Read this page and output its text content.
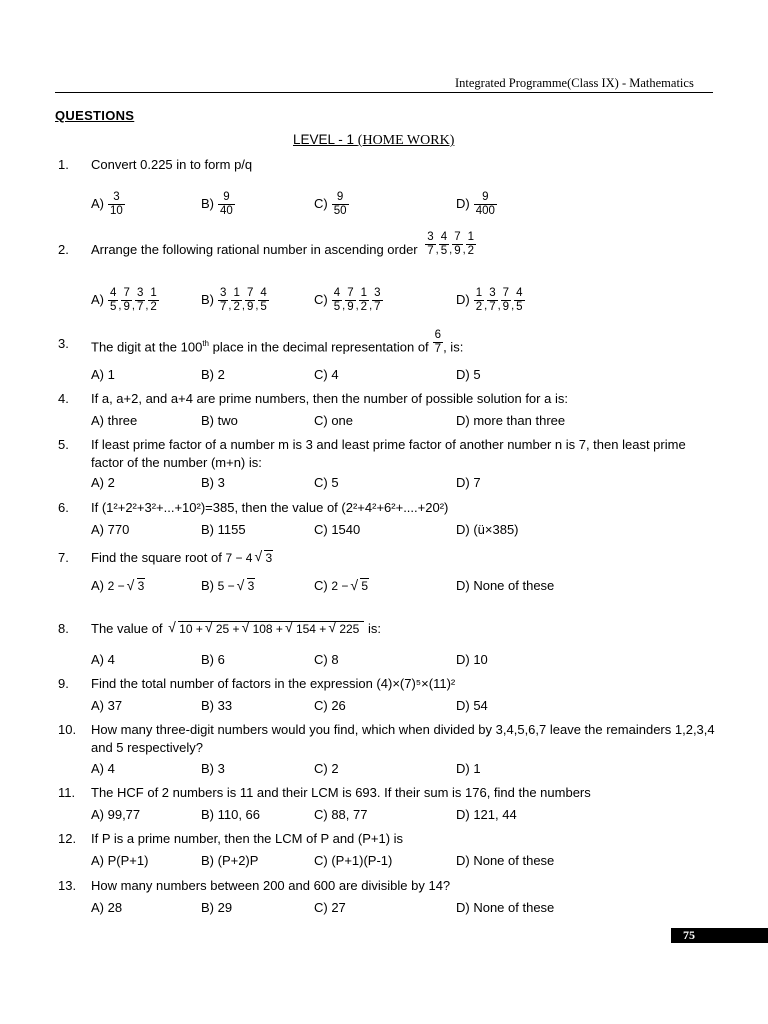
Integrated Programme(Class IX) - Mathematics
QUESTIONS
LEVEL - 1 (HOME WORK)
1. Convert 0.225 in to form p/q
$A) \frac{3}{10}$	$B) \frac{9}{40}$	$C) \frac{9}{50}$	$D) \frac{9}{400}$
2. Arrange the following rational number in ascending order $\frac{3}{7}$ , $\frac{4}{5}$ , $\frac{7}{9}$ , $\frac{1}{2}$
$A) \frac{4}{5}$ , $\frac{7}{9}$ , $\frac{3}{7}$ , $\frac{1}{2}$	$B) \frac{3}{7}$ , $\frac{1}{2}$ , $\frac{7}{9}$ , $\frac{4}{5}$	$C) \frac{4}{5}$ , $\frac{7}{9}$ , $\frac{1}{2}$ , $\frac{3}{7}$	$D) \frac{1}{2}$ , $\frac{3}{7}$ , $\frac{7}{9}$ , $\frac{4}{5}$
3. The digit at the 100th place in the decimal representation of $\frac{6}{7}$ , is:
A) 1	B) 2	C) 4	D) 5
4. If a, a+2, and a+4 are prime numbers, then the number of possible solution for a is:
A) three	B) two	C) one	D) more than three
5. If least prime factor of a number m is 3 and least prime factor of another number n is 7, then least prime factor of the number (m+n) is:
A) 2	B) 3	C) 5	D) 7
6. If (1²+2²+3²+...+10²)=385, then the value of (2²+4²+6²+....+20²)
A) 770	B) 1155	C) 1540	D) (ü×385)
7. Find the square root of 7 − 4 √ 3
A) 2 − √ 3	B) 5 − √ 3	C) 2 − √ 5	D) None of these
8. The value of √ 10 + √ 25 + √ 108 + √ 154 + √ 225 is:
A) 4	B) 6	C) 8	D) 10
9. Find the total number of factors in the expression (4)×(7)⁵×(11)²
A) 37	B) 33	C) 26	D) 54
10. How many three-digit numbers would you find, which when divided by 3,4,5,6,7 leave the remainders 1,2,3,4 and 5 respectively?
A) 4	B) 3	C) 2	D) 1
11. The HCF of 2 numbers is 11 and their LCM is 693. If their sum is 176, find the numbers
A) 99,77	B) 110, 66	C) 88, 77	D) 121, 44
12. If P is a prime number, then the LCM of P and (P+1) is
A) P(P+1)	B) (P+2)P	C) (P+1)(P-1)	D) None of these
13. How many numbers between 200 and 600 are divisible by 14?
A) 28	B) 29	C) 27	D) None of these
75
